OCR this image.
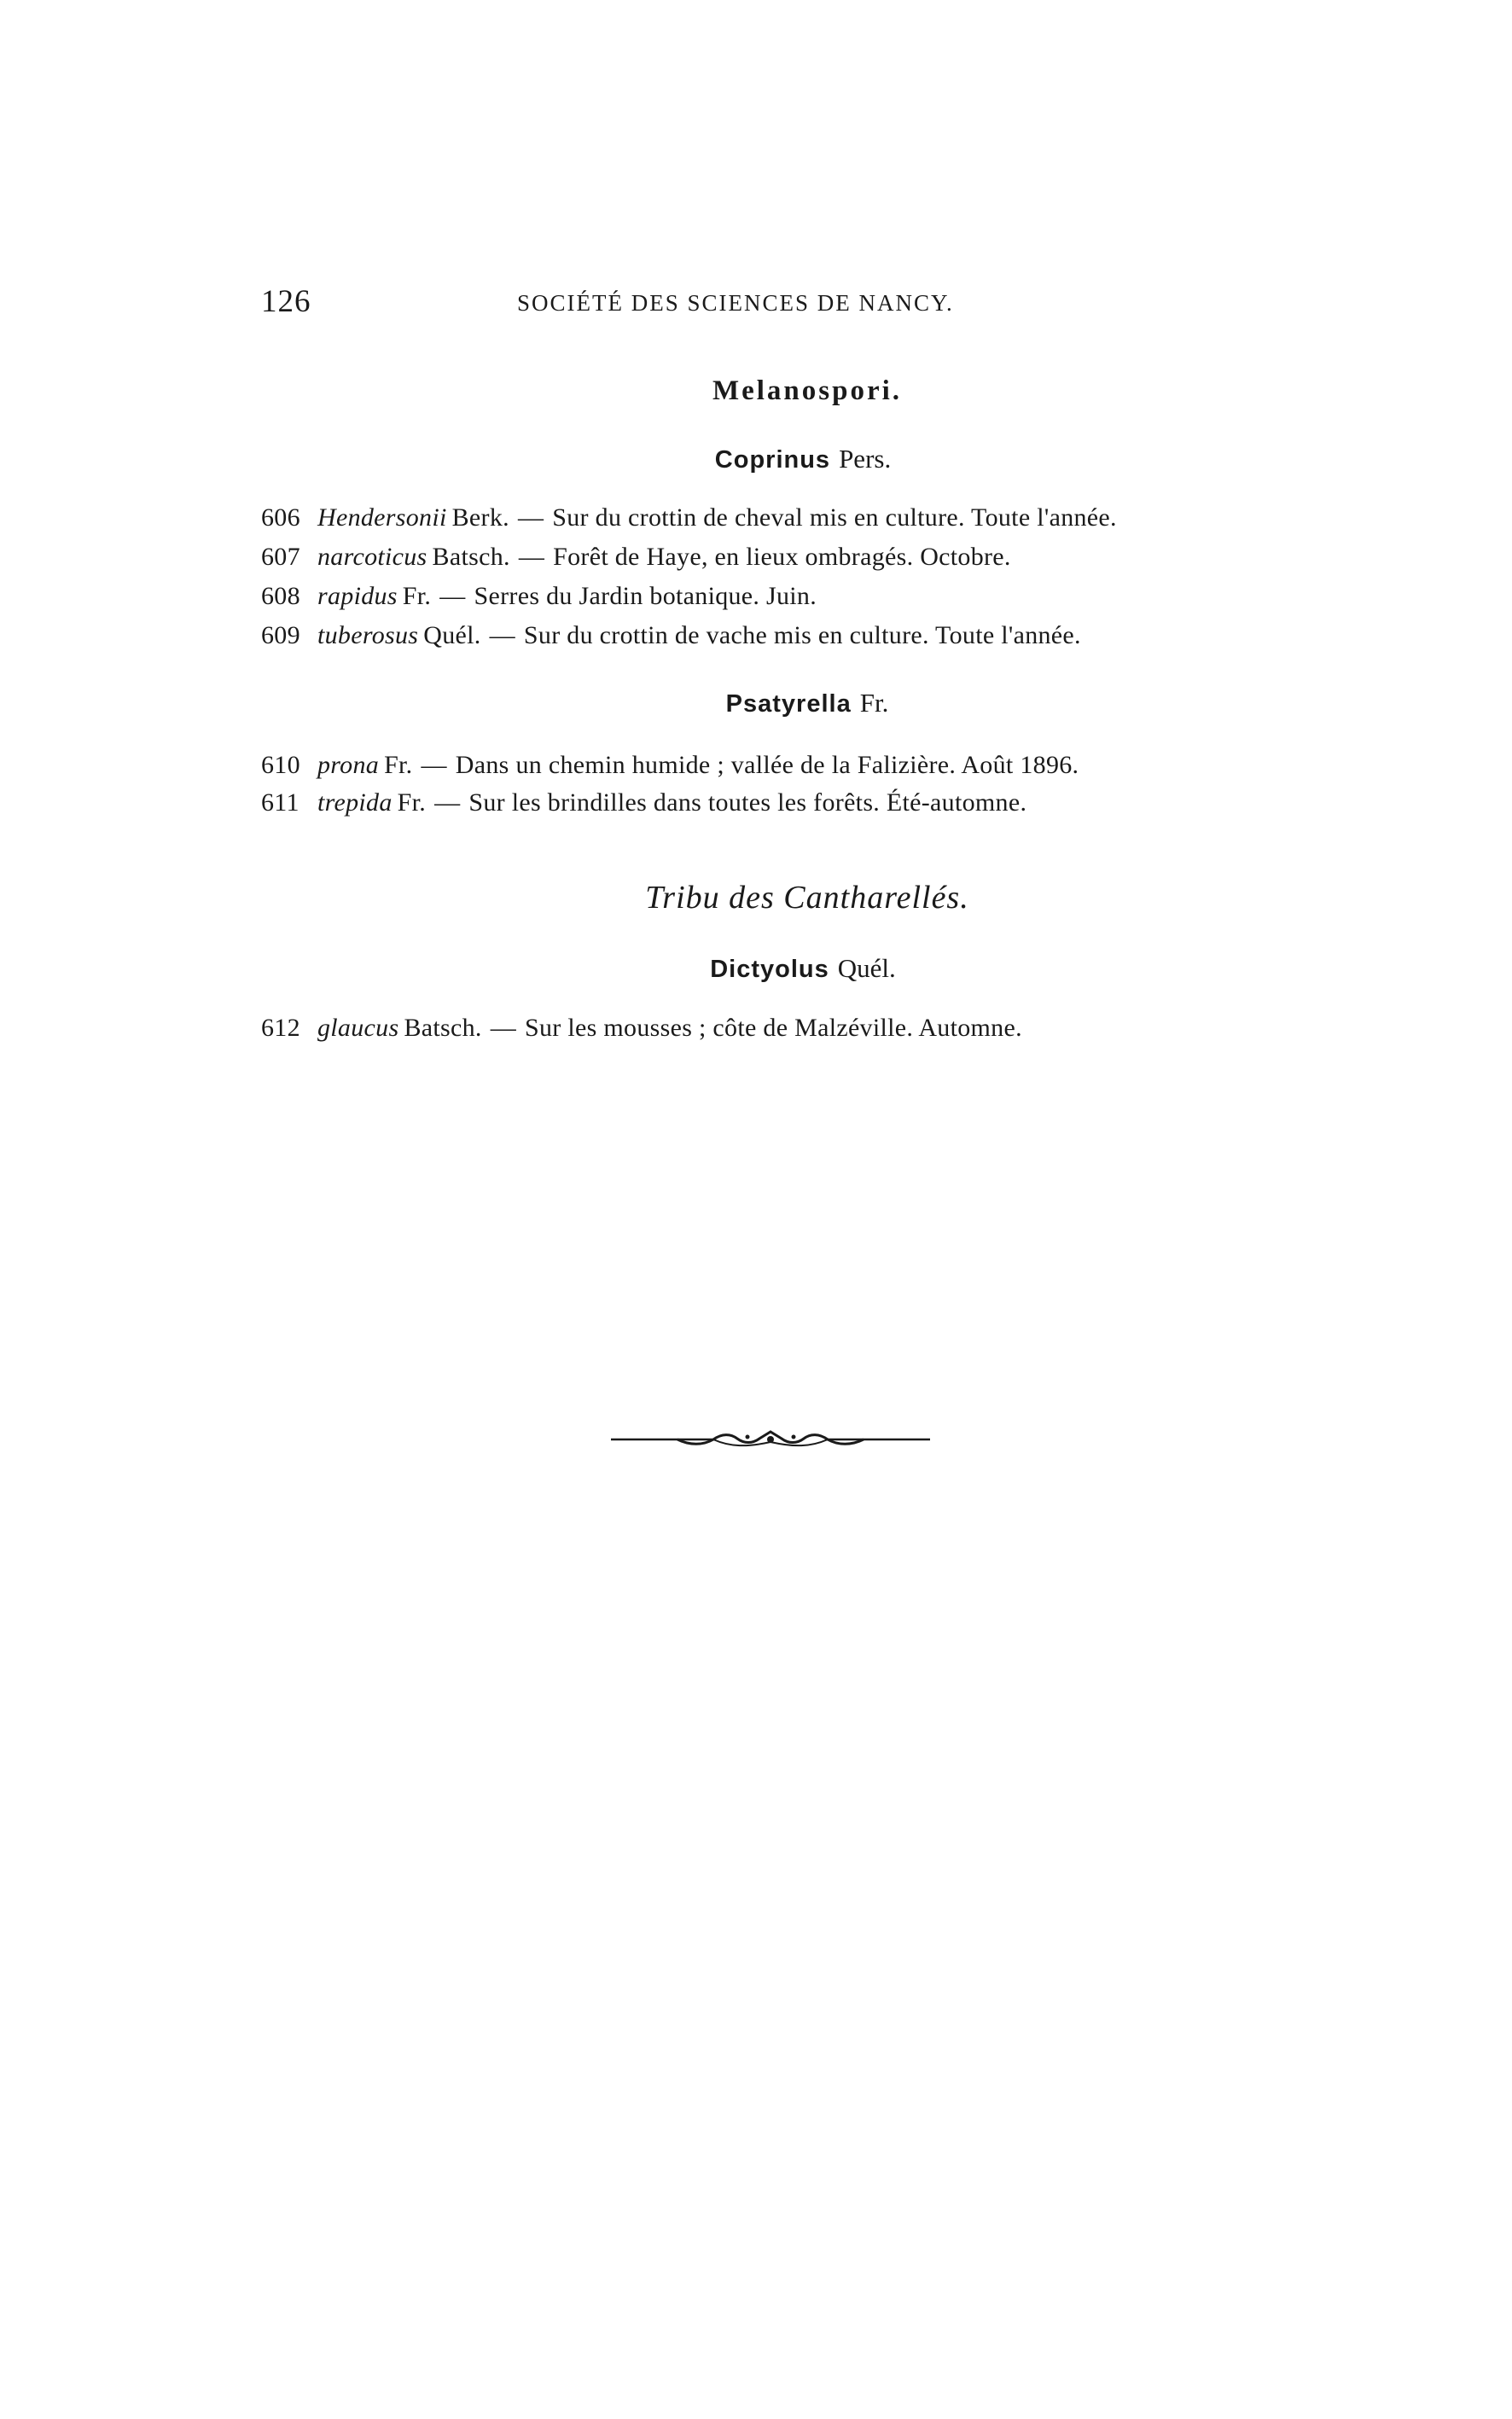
126	SOCIÉTÉ DES SCIENCES DE NANCY.
Melanospori.
Coprinus Pers.
606 Hendersonii Berk. — Sur du crottin de cheval mis en culture. Toute l'année.
607 narcoticus Batsch. — Forêt de Haye, en lieux ombragés. Octobre.
608 rapidus Fr. — Serres du Jardin botanique. Juin.
609 tuberosus Quél. — Sur du crottin de vache mis en culture. Toute l'année.
Psatyrella Fr.
610 prona Fr. — Dans un chemin humide ; vallée de la Falizière. Août 1896.
611 trepida Fr. — Sur les brindilles dans toutes les forêts. Été-automne.
Tribu des Cantharellés.
Dictyolus Quél.
612 glaucus Batsch. — Sur les mousses ; côte de Malzéville. Automne.
